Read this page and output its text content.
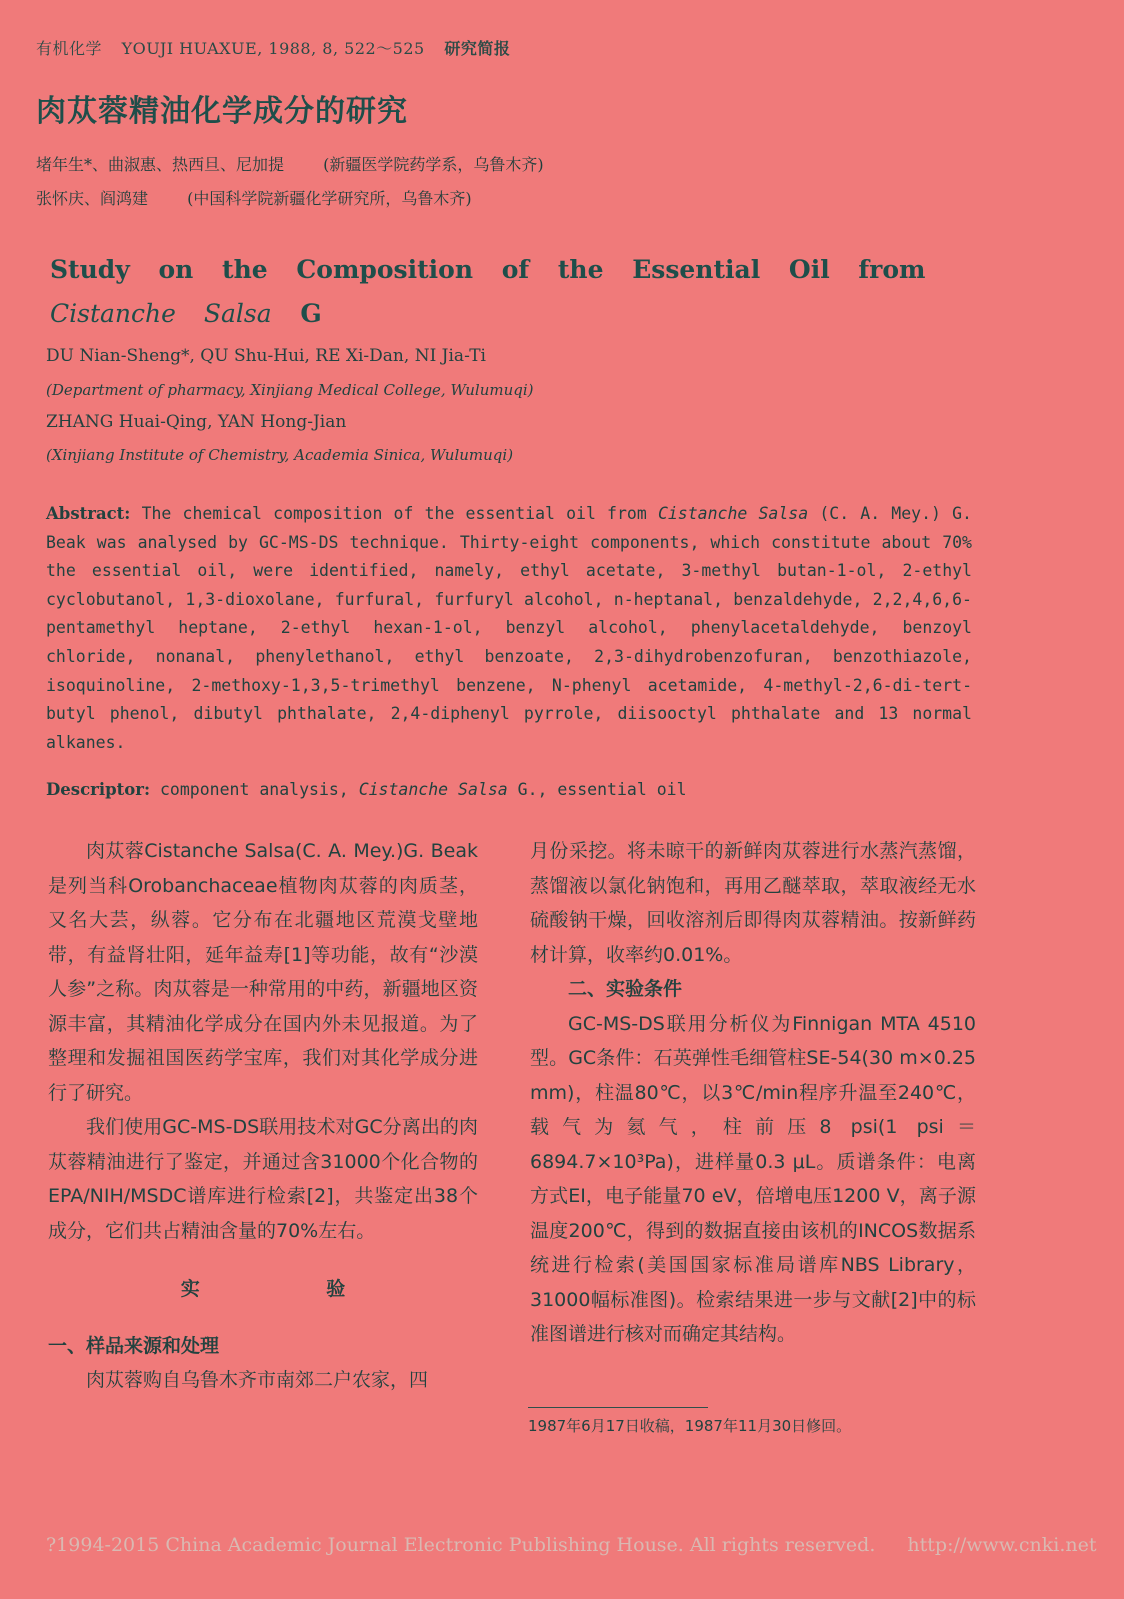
有机化学 YOUJI HUAXUE, 1988, 8, 522～525 研究简报
肉苁蓉精油化学成分的研究
堵年生*、曲淑惠、热西旦、尼加提 (新疆医学院药学系，乌鲁木齐)
张怀庆、阎鸿建 (中国科学院新疆化学研究所，乌鲁木齐)
Study on the Composition of the Essential Oil from Cistanche Salsa G
DU Nian-Sheng*, QU Shu-Hui, RE Xi-Dan, NI Jia-Ti
(Department of pharmacy, Xinjiang Medical College, Wulumuqi)
ZHANG Huai-Qing, YAN Hong-Jian
(Xinjiang Institute of Chemistry, Academia Sinica, Wulumuqi)
Abstract: The chemical composition of the essential oil from Cistanche Salsa (C. A. Mey.) G. Beak was analysed by GC-MS-DS technique. Thirty-eight components, which constitute about 70% the essential oil, were identified, namely, ethyl acetate, 3-methyl butan-1-ol, 2-ethyl cyclobutanol, 1,3-dioxolane, furfural, furfuryl alcohol, n-heptanal, benzaldehyde, 2,2,4,6,6-pentamethyl heptane, 2-ethyl hexan-1-ol, benzyl alcohol, phenylacetaldehyde, benzoyl chloride, nonanal, phenylethanol, ethyl benzoate, 2,3-dihydrobenzofuran, benzothiazole, isoquinoline, 2-methoxy-1,3,5-trimethyl benzene, N-phenyl acetamide, 4-methyl-2,6-di-tert-butyl phenol, dibutyl phthalate, 2,4-diphenyl pyrrole, diisooctyl phthalate and 13 normal alkanes.
Descriptor: component analysis, Cistanche Salsa G., essential oil

肉苁蓉Cistanche Salsa(C. A. Mey.)G. Beak是列当科Orobanchaceae植物肉苁蓉的肉质茎，又名大芸，纵蓉。它分布在北疆地区荒漠戈壁地带，有益肾壮阳，延年益寿[1]等功能，故有“沙漠人参”之称。肉苁蓉是一种常用的中药，新疆地区资源丰富，其精油化学成分在国内外未见报道。为了整理和发掘祖国医药学宝库，我们对其化学成分进行了研究。

我们使用GC-MS-DS联用技术对GC分离出的肉苁蓉精油进行了鉴定，并通过含31000个化合物的EPA/NIH/MSDC谱库进行检索[2]，共鉴定出38个成分，它们共占精油含量的70%左右。

实 验
一、样品来源和处理

肉苁蓉购自乌鲁木齐市南郊二户农家，四

月份采挖。将未晾干的新鲜肉苁蓉进行水蒸汽蒸馏，蒸馏液以氯化钠饱和，再用乙醚萃取，萃取液经无水硫酸钠干燥，回收溶剂后即得肉苁蓉精油。按新鲜药材计算，收率约0.01%。

二、实验条件

GC-MS-DS联用分析仪为Finnigan MTA 4510型。GC条件：石英弹性毛细管柱SE-54(30 m×0.25 mm)，柱温80℃，以3℃/min程序升温至240℃，载气为氦气，柱前压8 psi(1 psi＝6894.7×10³Pa)，进样量0.3 μL。质谱条件：电离方式EI，电子能量70 eV，倍增电压1200 V，离子源温度200℃，得到的数据直接由该机的INCOS数据系统进行检索(美国国家标准局谱库NBS Library，31000幅标准图)。检索结果进一步与文献[2]中的标准图谱进行核对而确定其结构。

1987年6月17日收稿，1987年11月30日修回。
?1994-2015 China Academic Journal Electronic Publishing House. All rights reserved. http://www.cnki.net
